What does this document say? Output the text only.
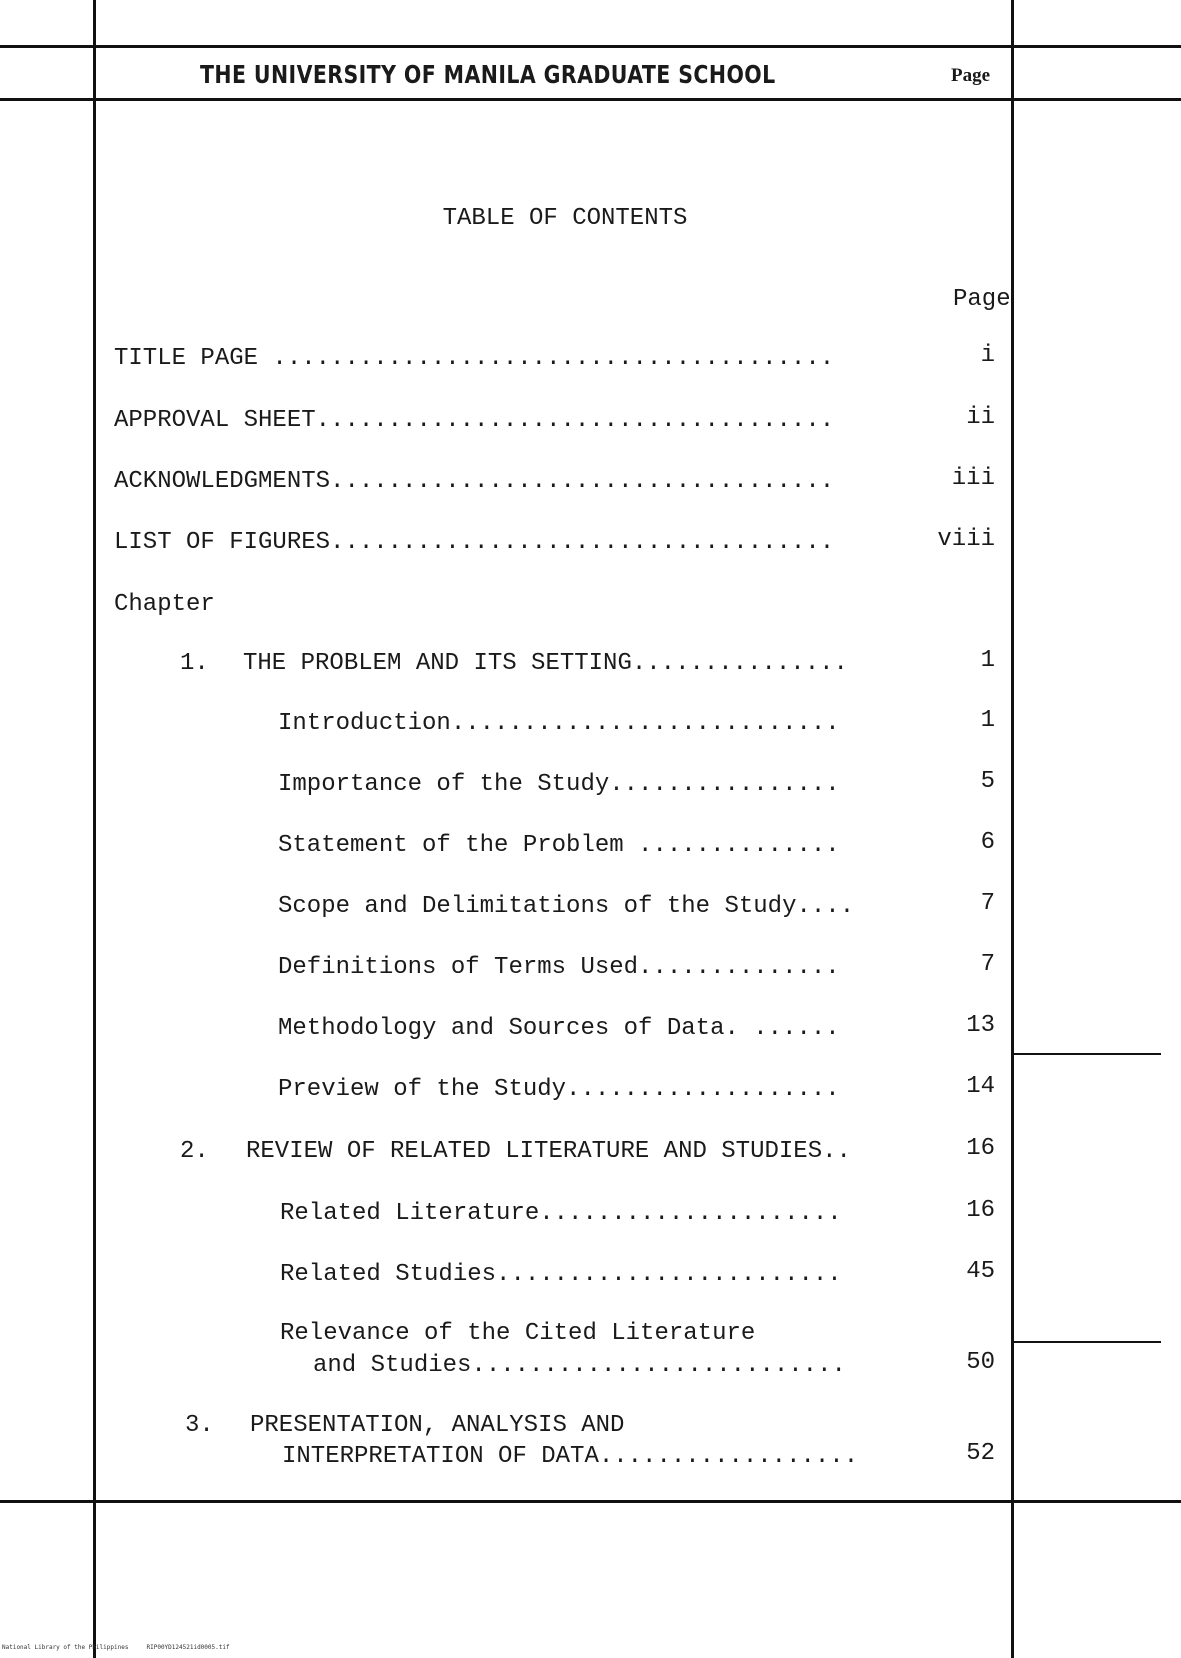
THE UNIVERSITY OF MANILA GRADUATE SCHOOL	Page
TABLE OF CONTENTS
Page
TITLE PAGE .......................................	i
APPROVAL SHEET....................................	ii
ACKNOWLEDGMENTS...................................	iii
LIST OF FIGURES...................................	viii
Chapter
1. THE PROBLEM AND ITS SETTING...............	1
Introduction...........................	1
Importance of the Study................	5
Statement of the Problem ..............	6
Scope and Delimitations of the Study....	7
Definitions of Terms Used..............	7
Methodology and Sources of Data. ......	13
Preview of the Study...................	14
2. REVIEW OF RELATED LITERATURE AND STUDIES..	16
Related Literature.....................	16
Related Studies........................	45
Relevance of the Cited Literature
and Studies..........................	50
3. PRESENTATION, ANALYSIS AND
INTERPRETATION OF DATA..................	52
National Library of the Philippines     RIP00YD124521id0005.tif
